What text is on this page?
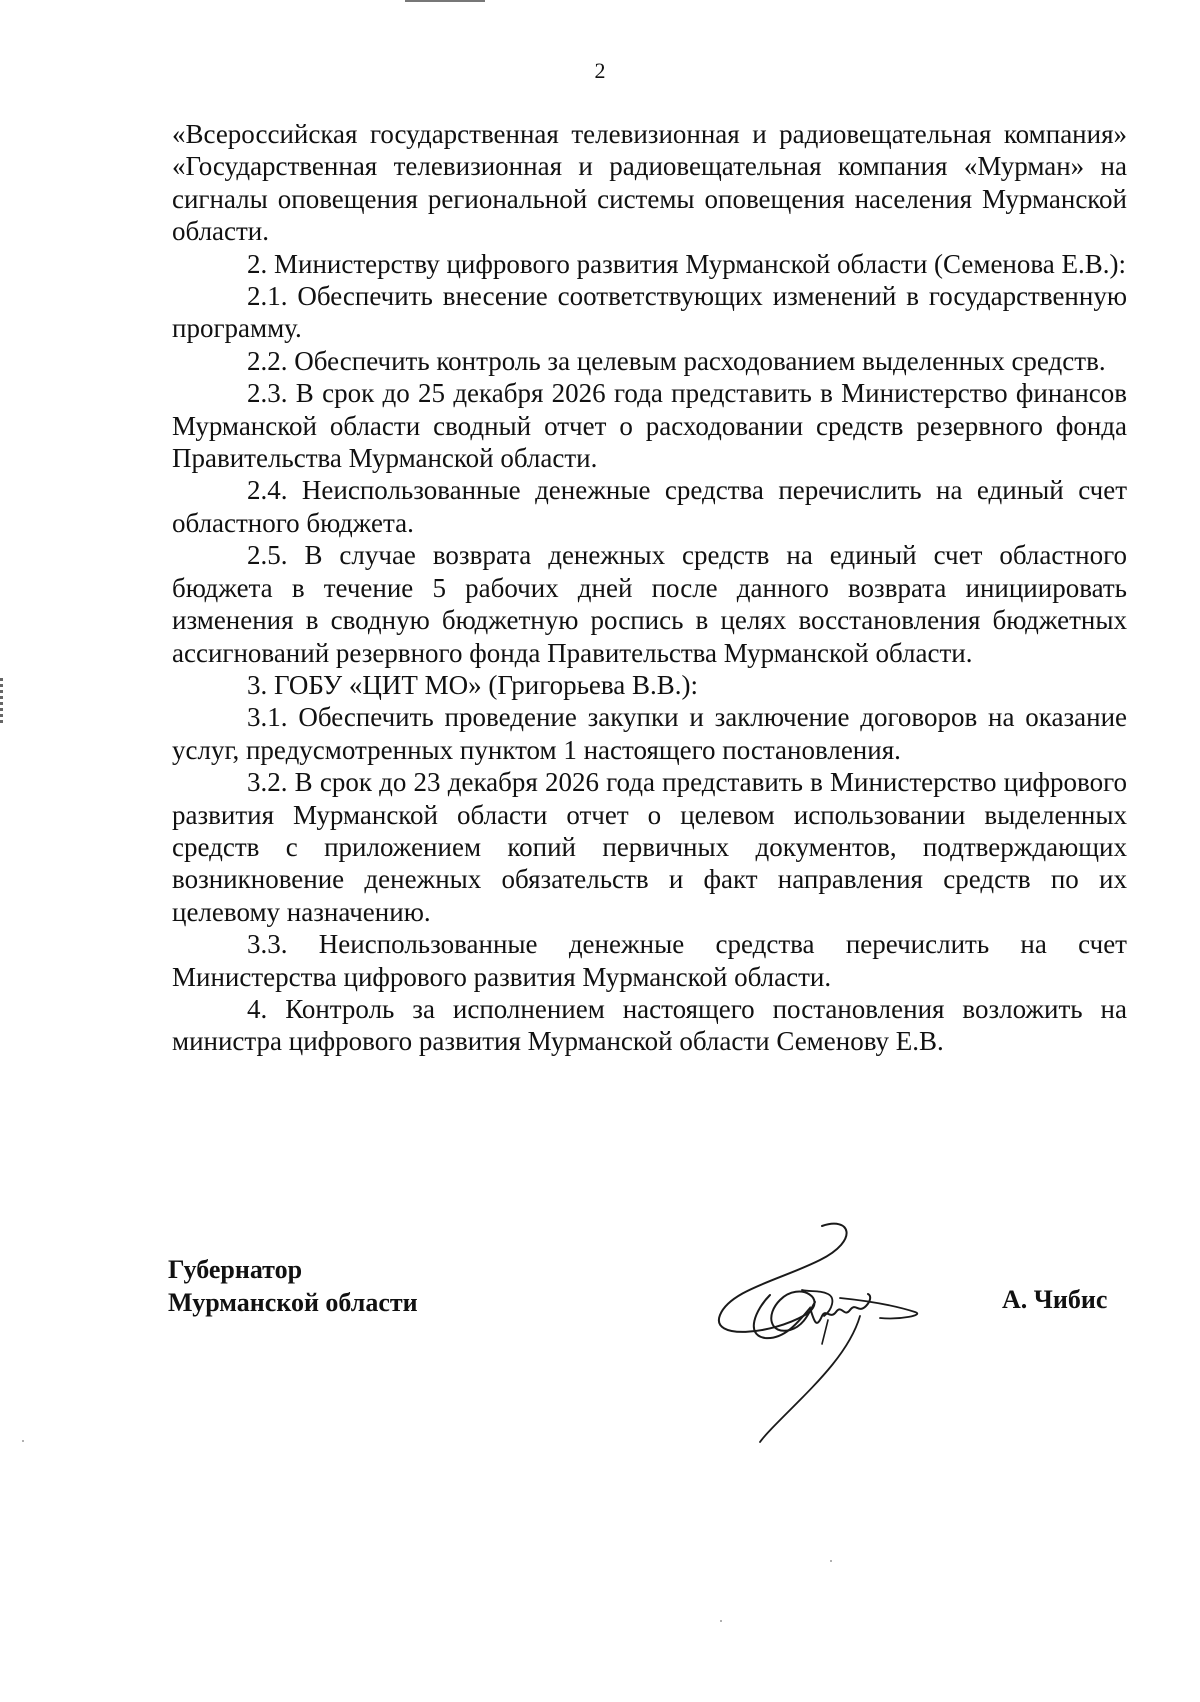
2

«Всероссийская государственная телевизионная и радиовещательная компания» «Государственная телевизионная и радиовещательная компания «Мурман» на сигналы оповещения региональной системы оповещения населения Мурманской области.

2. Министерству цифрового развития Мурманской области (Семенова Е.В.):

2.1. Обеспечить внесение соответствующих изменений в государственную программу.

2.2. Обеспечить контроль за целевым расходованием выделенных средств.

2.3. В срок до 25 декабря 2026 года представить в Министерство финансов Мурманской области сводный отчет о расходовании средств резервного фонда Правительства Мурманской области.

2.4. Неиспользованные денежные средства перечислить на единый счет областного бюджета.

2.5. В случае возврата денежных средств на единый счет областного бюджета в течение 5 рабочих дней после данного возврата инициировать изменения в сводную бюджетную роспись в целях восстановления бюджетных ассигнований резервного фонда Правительства Мурманской области.

3. ГОБУ «ЦИТ МО» (Григорьева В.В.):

3.1. Обеспечить проведение закупки и заключение договоров на оказание услуг, предусмотренных пунктом 1 настоящего постановления.

3.2. В срок до 23 декабря 2026 года представить в Министерство цифрового развития Мурманской области отчет о целевом использовании выделенных средств с приложением копий первичных документов, подтверждающих возникновение денежных обязательств и факт направления средств по их целевому назначению.

3.3. Неиспользованные денежные средства перечислить на счет Министерства цифрового развития Мурманской области.

4. Контроль за исполнением настоящего постановления возложить на министра цифрового развития Мурманской области Семенову Е.В.

Губернатор
Мурманской области	А. Чибис
